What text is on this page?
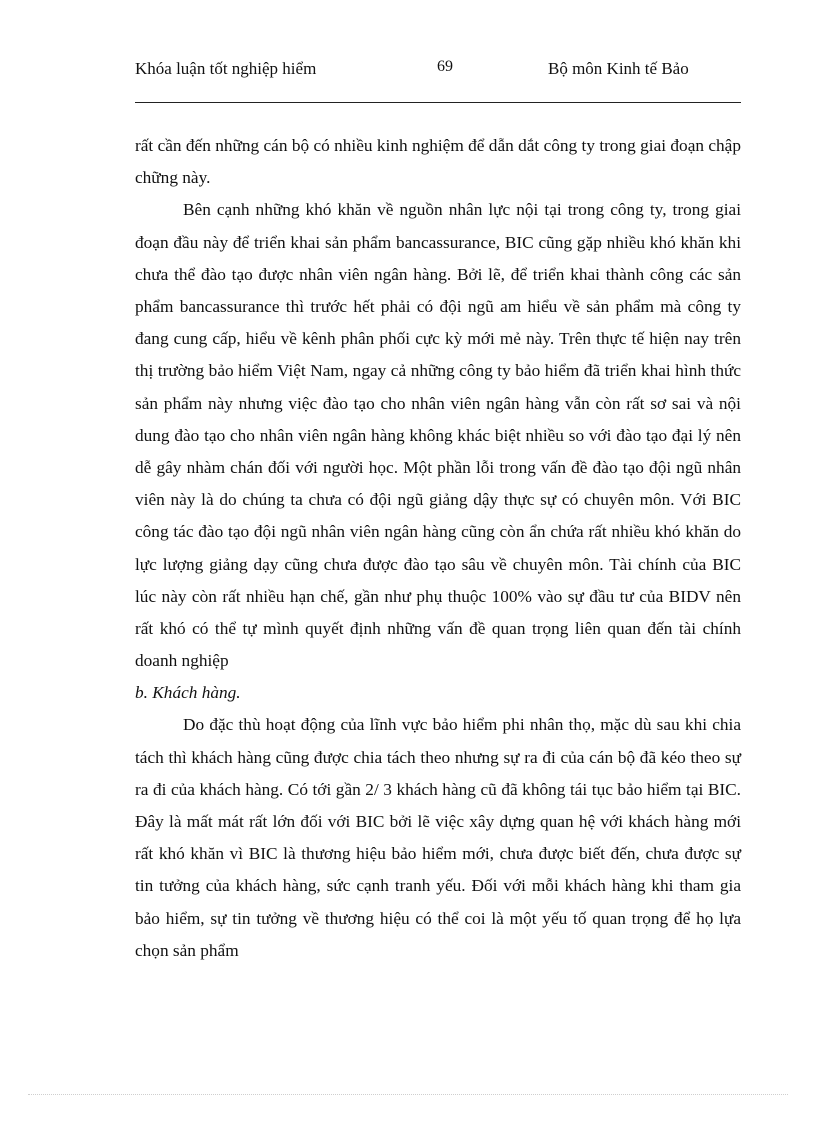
Khóa luận tốt nghiệp hiểm	69	Bộ môn Kinh tế Bảo

rất cần đến những cán bộ có nhiều kinh nghiệm để dẫn dắt công ty trong giai đoạn chập chững này.

Bên cạnh những khó khăn về nguồn nhân lực nội tại trong công ty, trong giai đoạn đầu này để triển khai sản phẩm bancassurance, BIC cũng gặp nhiều khó khăn khi chưa thể đào tạo được nhân viên ngân hàng. Bởi lẽ, để triển khai thành công các sản phẩm bancassurance thì trước hết phải có đội ngũ am hiểu về sản phẩm mà công ty đang cung cấp, hiểu về kênh phân phối cực kỳ mới mẻ này. Trên thực tế hiện nay trên thị trường bảo hiểm Việt Nam, ngay cả những công ty bảo hiểm đã triển khai hình thức sản phẩm này nhưng việc đào tạo cho nhân viên ngân hàng vẫn còn rất sơ sai và nội dung đào tạo cho nhân viên ngân hàng không khác biệt nhiều so với đào tạo đại lý nên dễ gây nhàm chán đối với người học. Một phần lỗi trong vấn đề đào tạo đội ngũ nhân viên này là do chúng ta chưa có đội ngũ giảng dậy thực sự có chuyên môn. Với BIC công tác đào tạo đội ngũ nhân viên ngân hàng cũng còn ẩn chứa rất nhiều khó khăn do lực lượng giảng dạy cũng chưa được đào tạo sâu về chuyên môn. Tài chính của BIC lúc này còn rất nhiều hạn chế, gần như phụ thuộc 100% vào sự đầu tư của BIDV nên rất khó có thể tự mình quyết định những vấn đề quan trọng liên quan đến tài chính doanh nghiệp

b. Khách hàng.

Do đặc thù hoạt động của lĩnh vực bảo hiểm phi nhân thọ, mặc dù sau khi chia tách thì khách hàng cũng được chia tách theo nhưng sự ra đi của cán bộ đã kéo theo sự ra đi của khách hàng. Có tới gần 2/ 3 khách hàng cũ đã không tái tục bảo hiểm tại BIC. Đây là mất mát rất lớn đối với BIC bởi lẽ việc xây dựng quan hệ với khách hàng mới rất khó khăn vì BIC là thương hiệu bảo hiểm mới, chưa được biết đến, chưa được sự tin tưởng của khách hàng, sức cạnh tranh yếu. Đối với mỗi khách hàng khi tham gia bảo hiểm, sự tin tưởng về thương hiệu có thể coi là một yếu tố quan trọng để họ lựa chọn sản phẩm
